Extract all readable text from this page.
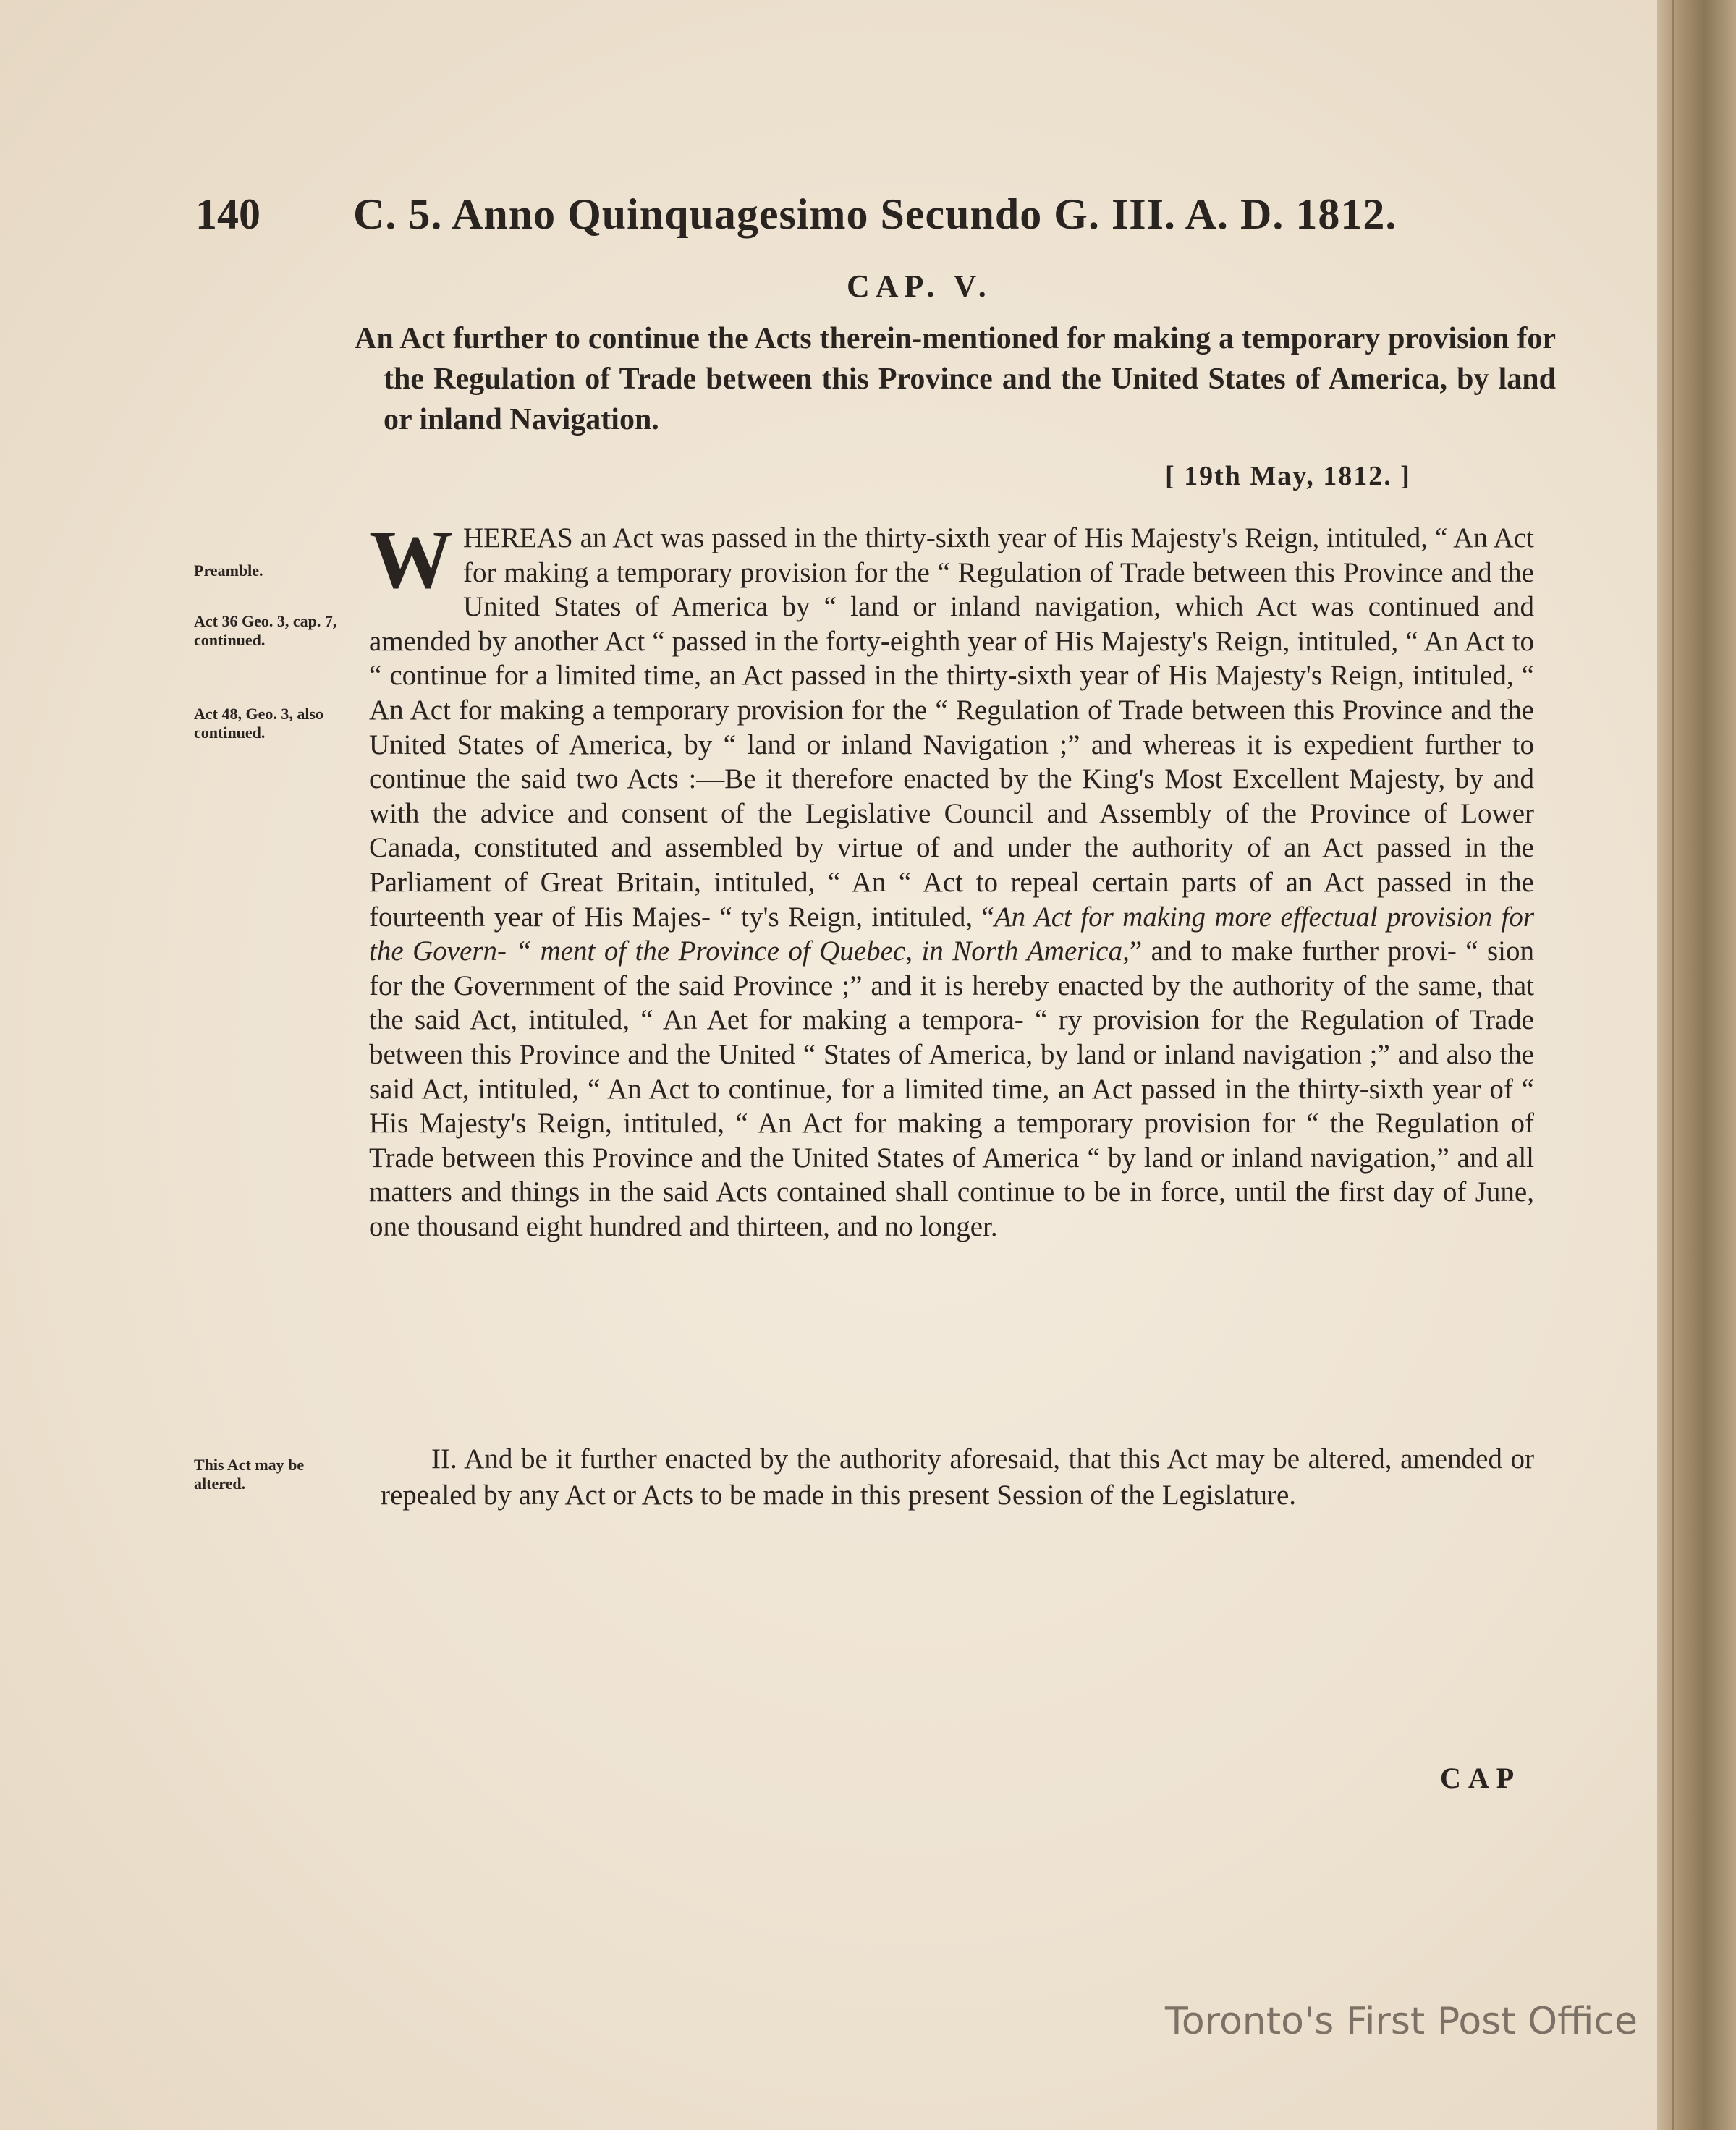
140 C. 5. Anno Quinquagesimo Secundo G. III. A. D. 1812.
CAP. V.
An Act further to continue the Acts therein-mentioned for making a temporary provision for the Regulation of Trade between this Province and the United States of America, by land or inland Navigation.
[ 19th May, 1812. ]
Preamble.
Act 36 Geo. 3, cap. 7, continued.
Act 48, Geo. 3, also continued.

WHEREAS an Act was passed in the thirty-sixth year of His Majesty's Reign, intituled, “ An Act for making a temporary provision for the “ Regulation of Trade between this Province and the United States of America by “ land or inland navigation, which Act was continued and amended by another Act “ passed in the forty-eighth year of His Majesty's Reign, intituled, “ An Act to “ continue for a limited time, an Act passed in the thirty-sixth year of His Majesty's Reign, intituled, “ An Act for making a temporary provision for the “ Regulation of Trade between this Province and the United States of America, by “ land or inland Navigation ;” and whereas it is expedient further to continue the said two Acts :—Be it therefore enacted by the King's Most Excellent Majesty, by and with the advice and consent of the Legislative Council and Assembly of the Province of Lower Canada, constituted and assembled by virtue of and under the authority of an Act passed in the Parliament of Great Britain, intituled, “ An “ Act to repeal certain parts of an Act passed in the fourteenth year of His Majes- “ ty's Reign, intituled, “An Act for making more effectual provision for the Govern- “ ment of the Province of Quebec, in North America,” and to make further provi- “ sion for the Government of the said Province ;” and it is hereby enacted by the authority of the same, that the said Act, intituled, “ An Aet for making a tempora- “ ry provision for the Regulation of Trade between this Province and the United “ States of America, by land or inland navigation ;” and also the said Act, intituled, “ An Act to continue, for a limited time, an Act passed in the thirty-sixth year of “ His Majesty's Reign, intituled, “ An Act for making a temporary provision for “ the Regulation of Trade between this Province and the United States of America “ by land or inland navigation,” and all matters and things in the said Acts contained shall continue to be in force, until the first day of June, one thousand eight hundred and thirteen, and no longer.

This Act may be altered.
II. And be it further enacted by the authority aforesaid, that this Act may be altered, amended or repealed by any Act or Acts to be made in this present Session of the Legislature.
CAP
Toronto's First Post Office
